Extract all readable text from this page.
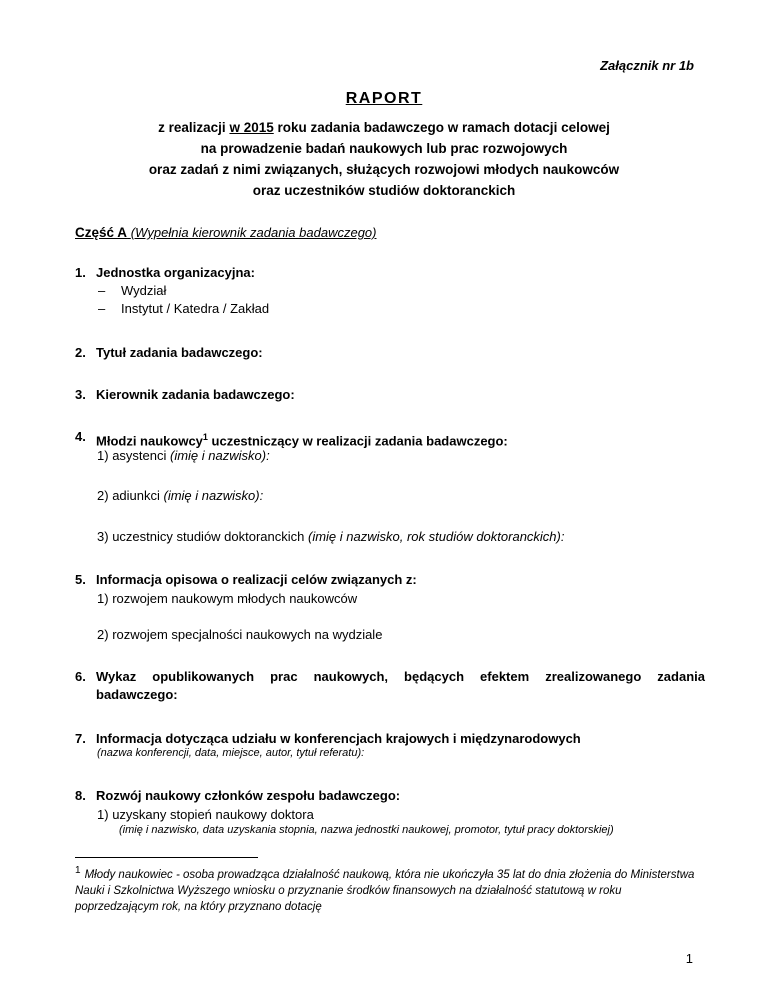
Załącznik nr 1b
RAPORT
z realizacji w 2015 roku zadania badawczego w ramach dotacji celowej
na prowadzenie badań naukowych lub prac rozwojowych
oraz zadań z nimi związanych, służących rozwojowi młodych naukowców
oraz uczestników studiów doktoranckich
Część A (Wypełnia kierownik zadania badawczego)
1. Jednostka organizacyjna:
– Wydział
– Instytut / Katedra / Zakład
2. Tytuł zadania badawczego:
3. Kierownik zadania badawczego:
4. Młodzi naukowcy$^1$ uczestniczący w realizacji zadania badawczego:
1) asystenci (imię i nazwisko):
2) adiunkci (imię i nazwisko):
3) uczestnicy studiów doktoranckich (imię i nazwisko, rok studiów doktoranckich):
5. Informacja opisowa o realizacji celów związanych z:
1) rozwojem naukowym młodych naukowców
2) rozwojem specjalności naukowych na wydziale
6. Wykaz opublikowanych prac naukowych, będących efektem zrealizowanego zadania
badawczego:
7. Informacja dotycząca udziału w konferencjach krajowych i międzynarodowych
(nazwa konferencji, data, miejsce, autor, tytuł referatu):
8. Rozwój naukowy członków zespołu badawczego:
1) uzyskany stopień naukowy doktora
(imię i nazwisko, data uzyskania stopnia, nazwa jednostki naukowej, promotor, tytuł pracy doktorskiej)
1 Młody naukowiec - osoba prowadząca działalność naukową, która nie ukończyła 35 lat do dnia złożenia do Ministerstwa Nauki i Szkolnictwa Wyższego wniosku o przyznanie środków finansowych na działalność statutową w roku poprzedzającym rok, na który przyznano dotację
1
